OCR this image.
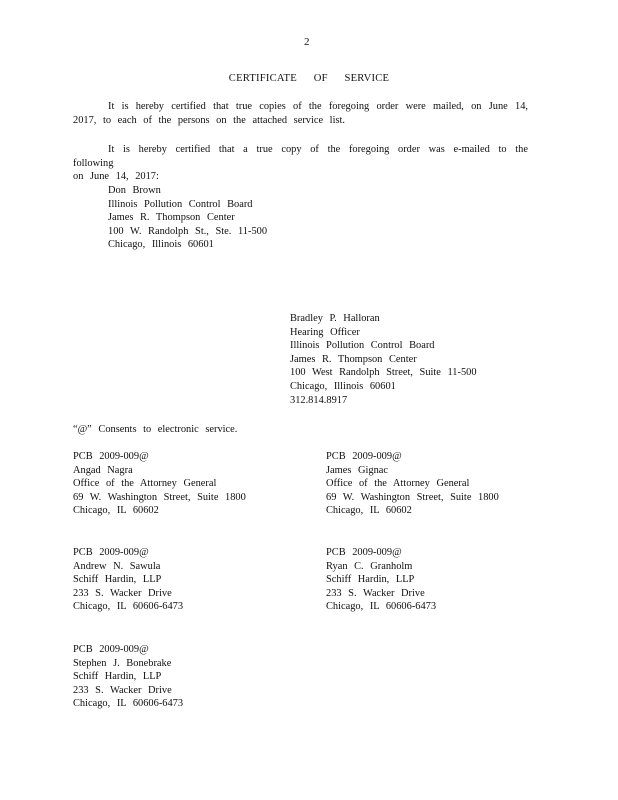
2
CERTIFICATE OF SERVICE
It is hereby certified that true copies of the foregoing order were mailed, on June 14,
2017, to each of the persons on the attached service list.
It is hereby certified that a true copy of the foregoing order was e-mailed to the following
on June 14, 2017:
Don Brown
Illinois Pollution Control Board
James R. Thompson Center
100 W. Randolph St., Ste. 11-500
Chicago, Illinois 60601
Bradley P. Halloran
Hearing Officer
Illinois Pollution Control Board
James R. Thompson Center
100 West Randolph Street, Suite 11-500
Chicago, Illinois 60601
312.814.8917
“@” Consents to electronic service.
PCB 2009-009@
Angad Nagra
Office of the Attorney General
69 W. Washington Street, Suite 1800
Chicago, IL 60602
PCB 2009-009@
James Gignac
Office of the Attorney General
69 W. Washington Street, Suite 1800
Chicago, IL 60602
PCB 2009-009@
Andrew N. Sawula
Schiff Hardin, LLP
233 S. Wacker Drive
Chicago, IL 60606-6473
PCB 2009-009@
Ryan C. Granholm
Schiff Hardin, LLP
233 S. Wacker Drive
Chicago, IL 60606-6473
PCB 2009-009@
Stephen J. Bonebrake
Schiff Hardin, LLP
233 S. Wacker Drive
Chicago, IL 60606-6473
